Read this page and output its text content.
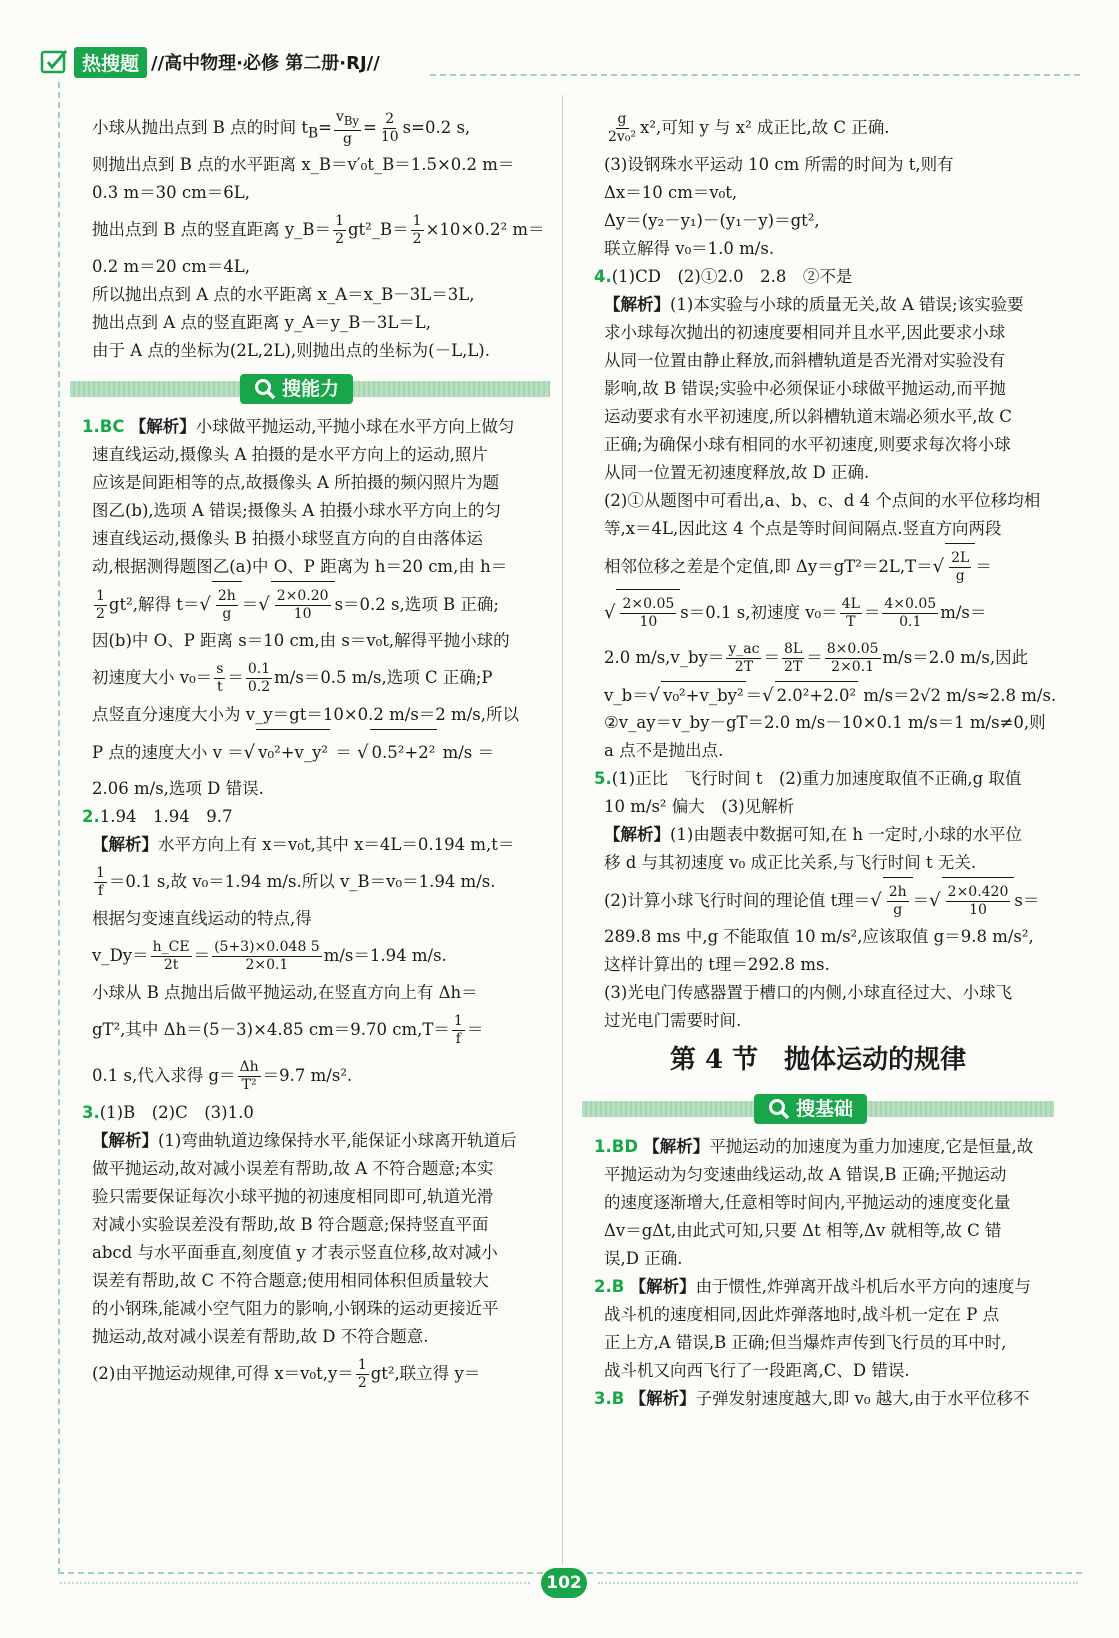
热搜题 //高中物理·必修 第二册·RJ//
小球从抛出点到 B 点的时间 $t_B=$
$v_{By}$
g
= $\frac{2}{10} s=0.2$ s,
则抛出点到 B 点的水平距离 x_B＝v′₀t_B＝1.5×0.2 m＝
0.3 m＝30 cm＝6L,
抛出点到 B 点的竖直距离 y_B＝ $\frac{1}{2}$ gt²_B＝ $\frac{1}{2} \times 10\times 0.2^2$ m＝
0.2 m＝20 cm＝4L,
所以抛出点到 A 点的水平距离 x_A＝x_B－3L＝3L,
抛出点到 A 点的竖直距离 y_A＝y_B－3L＝L,
由于 A 点的坐标为(2L,2L),则抛出点的坐标为(－L,L).
搜能力
1.BC 【解析】小球做平抛运动,平抛小球在水平方向上做匀
速直线运动,摄像头 A 拍摄的是水平方向上的运动,照片
应该是间距相等的点,故摄像头 A 所拍摄的频闪照片为题
图乙(b),选项 A 错误;摄像头 A 拍摄小球水平方向上的匀
速直线运动,摄像头 B 拍摄小球竖直方向的自由落体运
动,根据测得题图乙(a)中 O、P 距离为 h＝20 cm,由 h＝
$\frac{1}{2} gt^2$,解得 $t=√ \frac{2h}{g}$ ＝√ $\frac{2\times 0.20}{10} s=0.2$ s,选项 B 正确;
因(b)中 O、P 距离 s＝10 cm,由 s＝v₀t,解得平抛小球的
初速度大小 $v_0= \frac{s}{t} = \frac{0.1}{0.2} m/s=0.5$ m/s,选项 C 正确;P
点竖直分速度大小为 v_y＝gt＝10×0.2 m/s＝2 m/s,所以
P 点的速度大小 v ＝√ v₀²+v_y² ＝ √ 0.5²+2² m/s ＝
2.06 m/s,选项 D 错误.
2.1.94　1.94　9.7
【解析】水平方向上有 x＝v₀t,其中 x＝4L＝0.194 m,t＝
$\frac{1}{f} =0.1$ s,故 v₀＝1.94 m/s.所以 v_B＝v₀＝1.94 m/s.
根据匀变速直线运动的特点,得
v_Dy＝ $\frac{h\_CE}{2t} = \frac{(5+3)\times 0.048 5}{2\times 0.1} m/s=1.94$ m/s.
小球从 B 点抛出后做平抛运动,在竖直方向上有 Δh＝
gT²,其中 Δh＝(5－3)×4.85 cm＝9.70 $cm,T= \frac{1}{f}$ ＝
0.1 s,代入求得 $g= \frac{\Delta h}{\text{T²}} =9.7$ m/s².
3.(1)B　(2)C　(3)1.0
【解析】(1)弯曲轨道边缘保持水平,能保证小球离开轨道后
做平抛运动,故对减小误差有帮助,故 A 不符合题意;本实
验只需要保证每次小球平抛的初速度相同即可,轨道光滑
对减小实验误差没有帮助,故 B 符合题意;保持竖直平面
abcd 与水平面垂直,刻度值 y 才表示竖直位移,故对减小
误差有帮助,故 C 不符合题意;使用相同体积但质量较大
的小钢珠,能减小空气阻力的影响,小钢珠的运动更接近平
抛运动,故对减小误差有帮助,故 D 不符合题意.
(2)由平抛运动规律,可得 $x=v_0t,y= \frac{1}{2} gt^2$,联立得 y＝
$\frac{g}{\text{2v₀²}} x^2$,可知 y 与 x² 成正比,故 C 正确.
(3)设钢珠水平运动 10 cm 所需的时间为 t,则有
Δx＝10 cm＝v₀t,
Δy＝(y₂－y₁)－(y₁－y)＝gt²,
联立解得 v₀＝1.0 m/s.
4.(1)CD　(2)①2.0　2.8　②不是
【解析】(1)本实验与小球的质量无关,故 A 错误;该实验要
求小球每次抛出的初速度要相同并且水平,因此要求小球
从同一位置由静止释放,而斜槽轨道是否光滑对实验没有
影响,故 B 错误;实验中必须保证小球做平抛运动,而平抛
运动要求有水平初速度,所以斜槽轨道末端必须水平,故 C
正确;为确保小球有相同的水平初速度,则要求每次将小球
从同一位置无初速度释放,故 D 正确.
(2)①从题图中可看出,a、b、c、d 4 个点间的水平位移均相
等,x＝4L,因此这 4 个点是等时间间隔点.竖直方向两段
相邻位移之差是个定值,即 $\Delta y=gT^2=2L,T=√ \frac{2L}{g}$ ＝
√ $\frac{2\times 0.05}{10} s=0.1$ s,初速度 $v_0= \frac{4L}{T} = \frac{4\times 0.05}{0.1} m/s=$
2.0 m/s,v_by＝ $\frac{y\_ac}{2T} = \frac{8L}{2T} = \frac{8\times 0.05}{2\times 0.1} m/s=2.0$ m/s,因此
v_b＝√ v₀²+v_by² ＝√ 2.0²+2.0² m/s＝2√2 m/s≈2.8 m/s.
②v_ay＝v_by－gT＝2.0 m/s－10×0.1 m/s＝1 m/s≠0,则
a 点不是抛出点.
5.(1)正比　飞行时间 t　(2)重力加速度取值不正确,g 取值
10 m/s² 偏大　(3)见解析
【解析】(1)由题表中数据可知,在 h 一定时,小球的水平位
移 d 与其初速度 v₀ 成正比关系,与飞行时间 t 无关.
(2)计算小球飞行时间的理论值 t理＝√ $\frac{2h}{g}$ ＝√ $\frac{2\times 0.420}{10} s=$
289.8 ms 中,g 不能取值 10 m/s²,应该取值 g＝9.8 m/s²,
这样计算出的 t理＝292.8 ms.
(3)光电门传感器置于槽口的内侧,小球直径过大、小球飞
过光电门需要时间.
第 4 节　抛体运动的规律
搜基础
1.BD 【解析】平抛运动的加速度为重力加速度,它是恒量,故
平抛运动为匀变速曲线运动,故 A 错误,B 正确;平抛运动
的速度逐渐增大,任意相等时间内,平抛运动的速度变化量
Δv＝gΔt,由此式可知,只要 Δt 相等,Δv 就相等,故 C 错
误,D 正确.
2.B 【解析】由于惯性,炸弹离开战斗机后水平方向的速度与
战斗机的速度相同,因此炸弹落地时,战斗机一定在 P 点
正上方,A 错误,B 正确;但当爆炸声传到飞行员的耳中时,
战斗机又向西飞行了一段距离,C、D 错误.
3.B 【解析】子弹发射速度越大,即 v₀ 越大,由于水平位移不
102
